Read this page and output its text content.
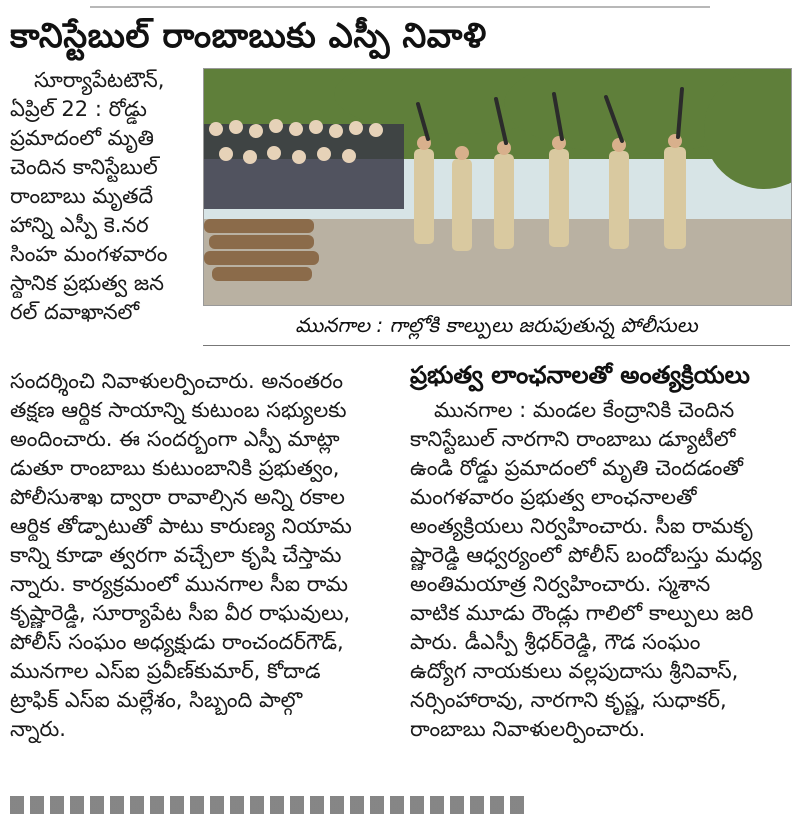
కానిస్టేబుల్ రాంబాబుకు ఎస్పీ నివాళి
సూర్యాపేటటౌన్,
ఏప్రిల్ 22 : రోడ్డు
ప్రమాదంలో మృతి
చెందిన కానిస్టేబుల్
రాంబాబు మృతదే
హాన్ని ఎస్పీ కె.నర
సింహ మంగళవారం
స్థానిక ప్రభుత్వ జన
రల్ దవాఖానలో
మునగాల : గాల్లోకి కాల్పులు జరుపుతున్న పోలీసులు
సందర్శించి నివాళులర్పించారు. అనంతరం
తక్షణ ఆర్థిక సాయాన్ని కుటుంబ సభ్యులకు
అందించారు. ఈ సందర్భంగా ఎస్పీ మాట్లా
డుతూ రాంబాబు కుటుంబానికి ప్రభుత్వం,
పోలీసుశాఖ ద్వారా రావాల్సిన అన్ని రకాల
ఆర్థిక తోడ్పాటుతో పాటు కారుణ్య నియామ
కాన్ని కూడా త్వరగా వచ్చేలా కృషి చేస్తామ
న్నారు. కార్యక్రమంలో మునగాల సీఐ రామ
కృష్ణారెడ్డి, సూర్యాపేట సీఐ వీర రాఘవులు,
పోలీస్ సంఘం అధ్యక్షుడు రాంచందర్‌గౌడ్,
మునగాల ఎస్ఐ ప్రవీణ్‌కుమార్, కోదాడ
ట్రాఫిక్ ఎస్ఐ మల్లేశం, సిబ్బంది పాల్గొ
న్నారు.
ప్రభుత్వ లాంఛనాలతో అంత్యక్రియలు
మునగాల : మండల కేంద్రానికి చెందిన
కానిస్టేబుల్ నారగాని రాంబాబు డ్యూటీలో
ఉండి రోడ్డు ప్రమాదంలో మృతి చెందడంతో
మంగళవారం ప్రభుత్వ లాంఛనాలతో
అంత్యక్రియలు నిర్వహించారు. సీఐ రామకృ
ష్ణారెడ్డి ఆధ్వర్యంలో పోలీస్ బందోబస్తు మధ్య
అంతిమయాత్ర నిర్వహించారు. స్మశాన
వాటిక మూడు రౌండ్లు గాలిలో కాల్పులు జరి
పారు. డీఎస్పీ శ్రీధర్‌రెడ్డి, గౌడ సంఘం
ఉద్యోగ నాయకులు వల్లపుదాసు శ్రీనివాస్,
నర్సింహారావు, నారగాని కృష్ణ, సుధాకర్,
రాంబాబు నివాళులర్పించారు.
